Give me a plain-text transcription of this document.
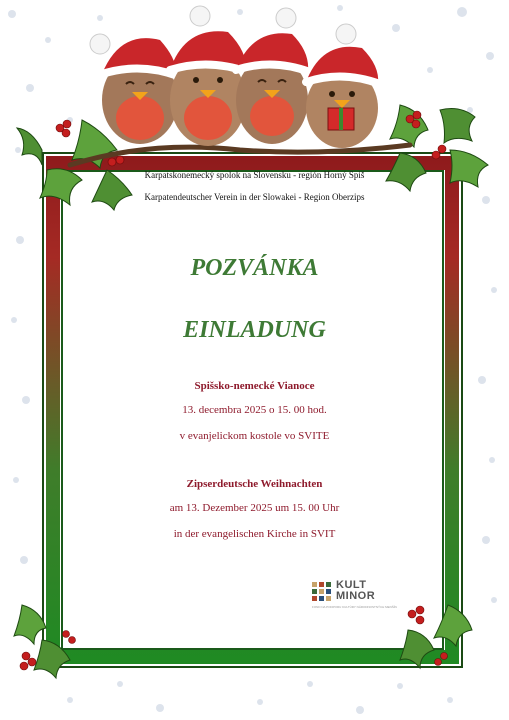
Karpatskonemecký spolok na Slovensku - región Horný Spiš
Karpatendeutscher Verein in der Slowakei - Region Oberzips
POZVÁNKA
EINLADUNG
Spišsko-nemecké Vianoce
13. decembra 2025 o 15. 00 hod.
v evanjelickom kostole vo SVITE
Zipserdeutsche Weihnachten
am 13. Dezember 2025 um 15. 00 Uhr
in der evangelischen Kirche in SVIT
KULT
MINOR
FOND NA PODPORU KULTÚRY NÁRODNOSTNÝCH MENŠÍN
